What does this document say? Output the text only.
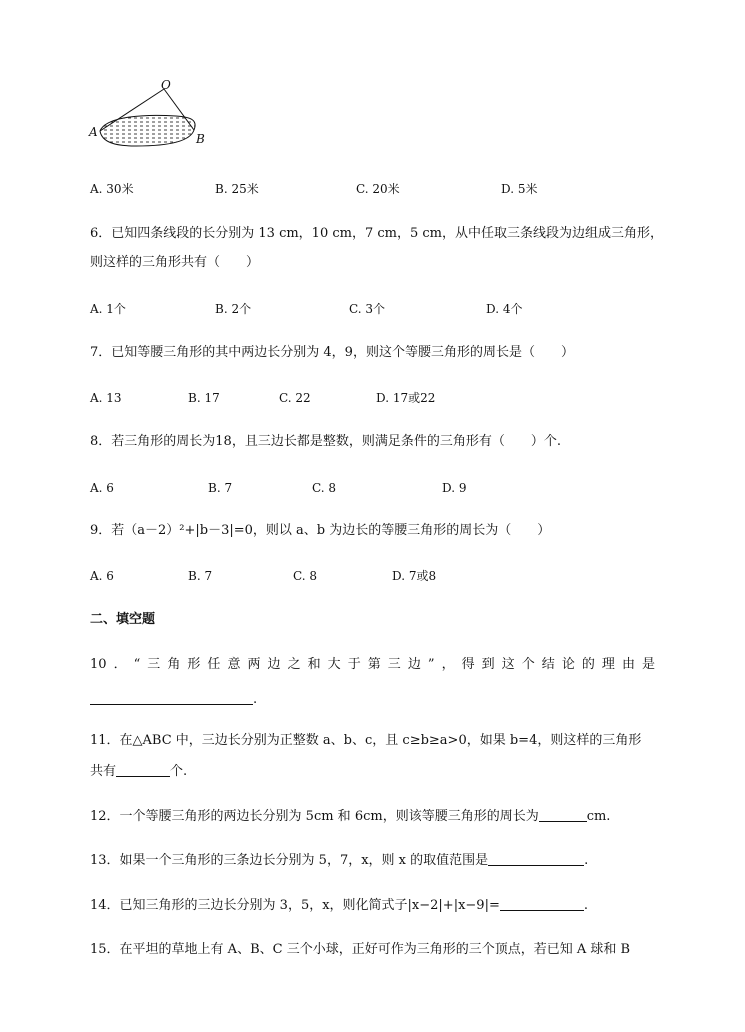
O
A	B
A. 30米	B. 25米	C. 20米	D. 5米
6．已知四条线段的长分别为 13 cm，10 cm，7 cm，5 cm，从中任取三条线段为边组成三角形，
则这样的三角形共有（　　）
A. 1个	B. 2个	C. 3个	D. 4个
7．已知等腰三角形的其中两边长分别为 4，9，则这个等腰三角形的周长是（　　）
A. 13	B. 17	C. 22	D. 17或22
8．若三角形的周长为18，且三边长都是整数，则满足条件的三角形有（　　）个.
A. 6	B. 7	C. 8	D. 9
9．若（a－2）²+|b－3|=0，则以 a、b 为边长的等腰三角形的周长为（　　）
A. 6	B. 7	C. 8	D. 7或8
二、填空题
10．“三角形任意两边之和大于第三边”，得到这个结论的理由是
.
11．在△ABC 中，三边长分别为正整数 a、b、c，且 c≥b≥a>0，如果 b=4，则这样的三角形
共有	个.
12．一个等腰三角形的两边长分别为 5cm 和 6cm，则该等腰三角形的周长为	cm.
13．如果一个三角形的三条边长分别为 5，7，x，则 x 的取值范围是	.
14．已知三角形的三边长分别为 3，5，x，则化简式子|x−2|+|x−9|=	.
15．在平坦的草地上有 A、B、C 三个小球，正好可作为三角形的三个顶点，若已知 A 球和 B
